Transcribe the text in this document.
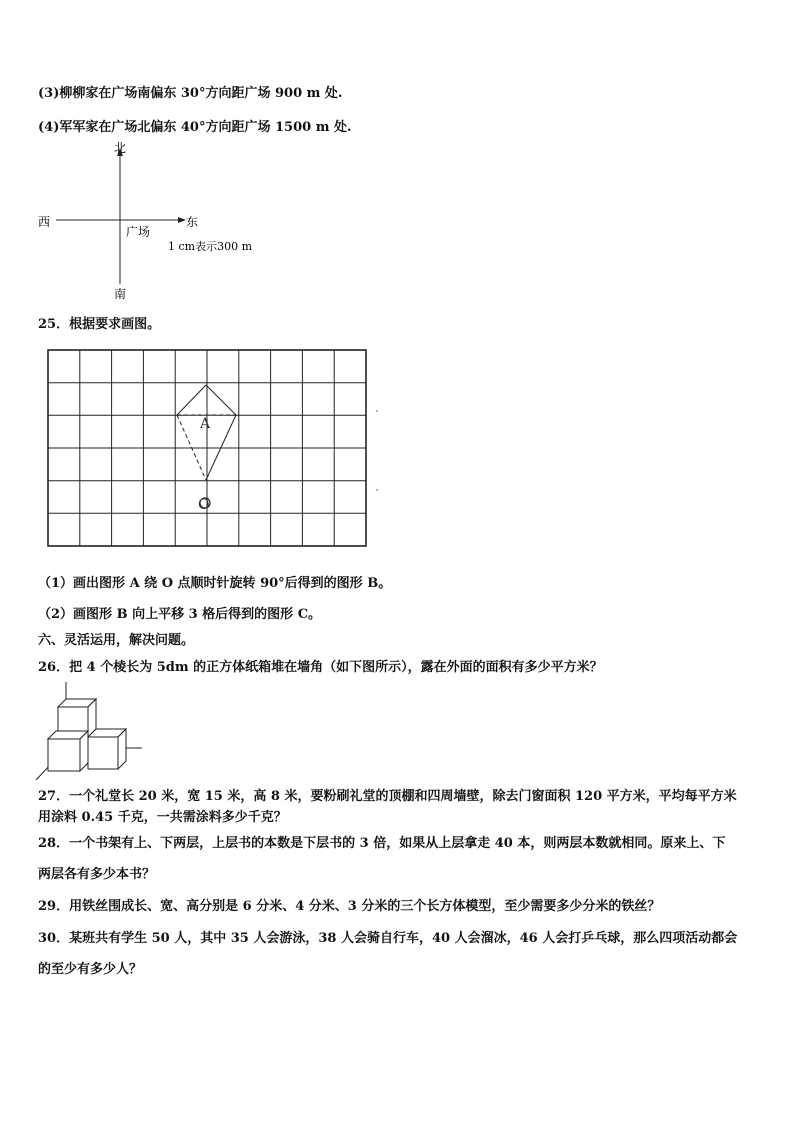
(3)柳柳家在广场南偏东 30°方向距广场 900 m 处.
(4)军军家在广场北偏东 40°方向距广场 1500 m 处.
北
南
西	东
广场
1 cm表示300 m
25．根据要求画图。
A
O
（1）画出图形 A 绕 O 点顺时针旋转 90°后得到的图形 B。
（2）画图形 B 向上平移 3 格后得到的图形 C。
六、灵活运用，解决问题。
26．把 4 个棱长为 5dm 的正方体纸箱堆在墙角（如下图所示），露在外面的面积有多少平方米？
27．一个礼堂长 20 米，宽 15 米，高 8 米，要粉刷礼堂的顶棚和四周墙壁，除去门窗面积 120 平方米，平均每平方米
用涂料 0.45 千克，一共需涂料多少千克？
28．一个书架有上、下两层，上层书的本数是下层书的 3 倍，如果从上层拿走 40 本，则两层本数就相同。原来上、下
两层各有多少本书？
29．用铁丝围成长、宽、高分别是 6 分米、4 分米、3 分米的三个长方体模型，至少需要多少分米的铁丝？
30．某班共有学生 50 人，其中 35 人会游泳，38 人会骑自行车，40 人会溜冰，46 人会打乒乓球，那么四项活动都会
的至少有多少人？
